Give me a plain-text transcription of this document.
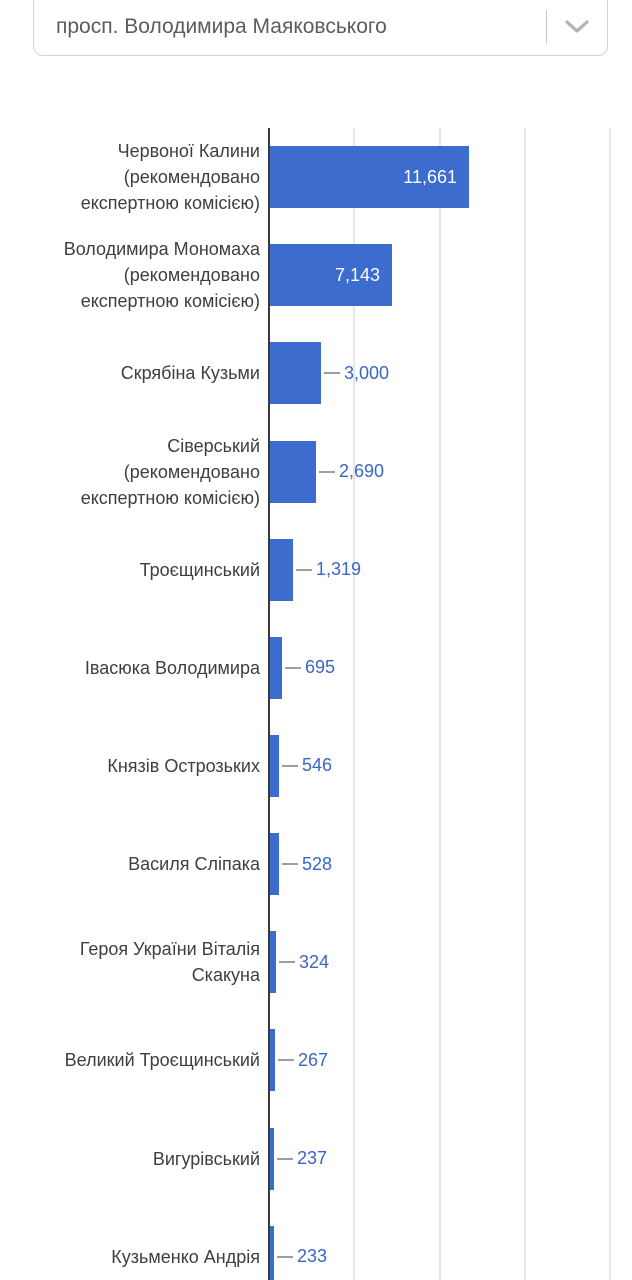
просп. Володимира Маяковського
Червоної Калини
(рекомендовано
експертною комісією)
11,661
Володимира Мономаха
(рекомендовано
експертною комісією)
7,143
Скрябіна Кузьми	3,000
Сіверський
(рекомендовано
експертною комісією)
2,690
Троєщинський	1,319
Івасюка Володимира	695
Князів Острозьких 546
Василя Сліпака 528
Героя України Віталія
Скакуна
324
Великий Троєщинський 267
Вигурівський 237
Кузьменко Андрія 233
